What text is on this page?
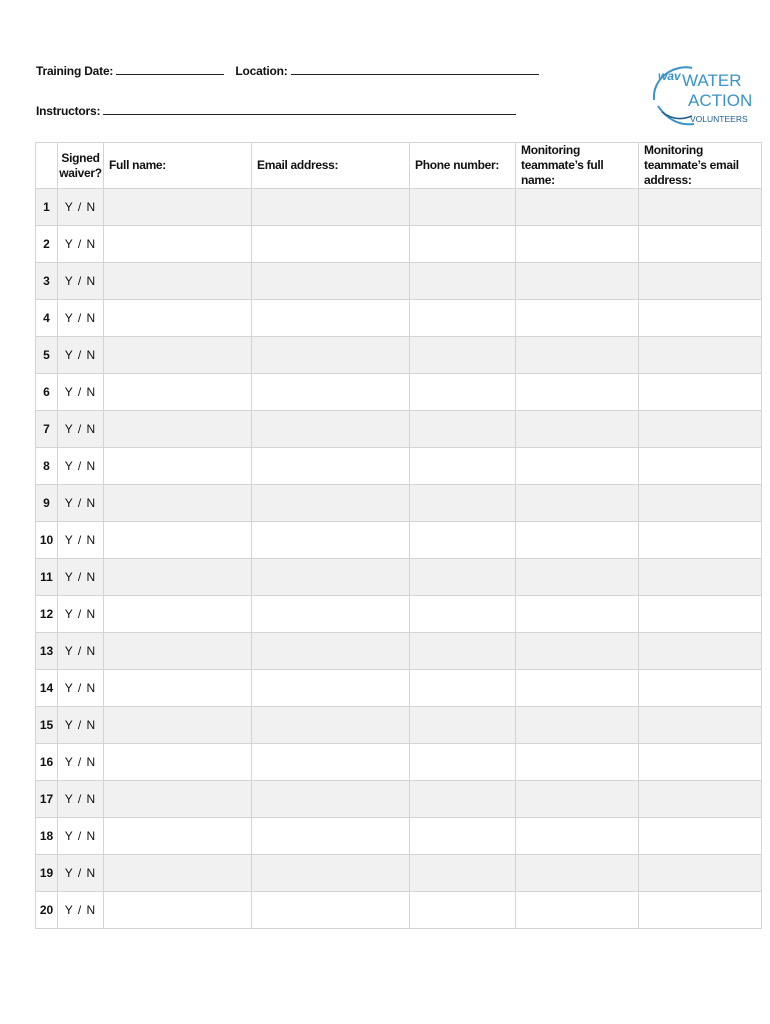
Training Date:	Location:
Instructors:
wav WATER
ACTION
VOLUNTEERS
	Signed waiver?	Full name:	Email address:	Phone number:	Monitoring teammate’s full name:	Monitoring teammate’s email address:
1	Y / N					
2	Y / N					
3	Y / N					
4	Y / N					
5	Y / N					
6	Y / N					
7	Y / N					
8	Y / N					
9	Y / N					
10	Y / N					
11	Y / N					
12	Y / N					
13	Y / N					
14	Y / N					
15	Y / N					
16	Y / N					
17	Y / N					
18	Y / N					
19	Y / N					
20	Y / N					
